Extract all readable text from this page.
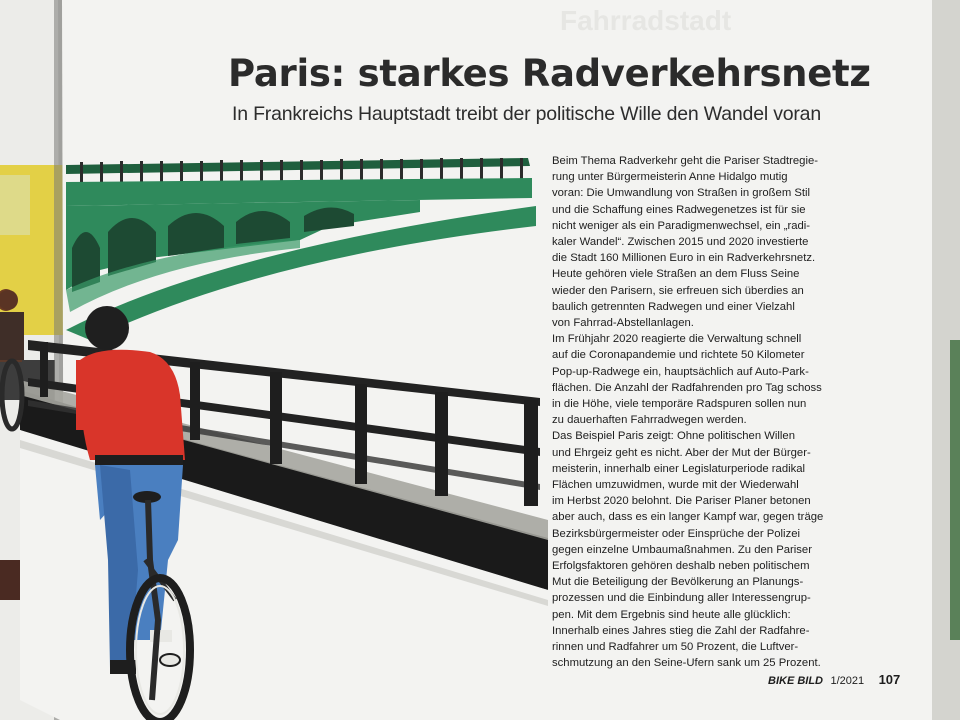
Fahrradstadt
Paris: starkes Radverkehrsnetz
In Frankreichs Hauptstadt treibt der politische Wille den Wandel voran
Beim Thema Radverkehr geht die Pariser Stadtregie-
rung unter Bürgermeisterin Anne Hidalgo mutig
voran: Die Umwandlung von Straßen in großem Stil
und die Schaffung eines Radwegenetzes ist für sie
nicht weniger als ein Paradigmenwechsel, ein „radi-
kaler Wandel“. Zwischen 2015 und 2020 investierte
die Stadt 160 Millionen Euro in ein Radverkehrsnetz.
Heute gehören viele Straßen an dem Fluss Seine
wieder den Parisern, sie erfreuen sich überdies an
baulich getrennten Radwegen und einer Vielzahl
von Fahrrad-Abstellanlagen.
Im Frühjahr 2020 reagierte die Verwaltung schnell
auf die Coronapandemie und richtete 50 Kilometer
Pop-up-Radwege ein, hauptsächlich auf Auto-Park-
flächen. Die Anzahl der Radfahrenden pro Tag schoss
in die Höhe, viele temporäre Radspuren sollen nun
zu dauerhaften Fahrradwegen werden.
Das Beispiel Paris zeigt: Ohne politischen Willen
und Ehrgeiz geht es nicht. Aber der Mut der Bürger-
meisterin, innerhalb einer Legislaturperiode radikal
Flächen umzuwidmen, wurde mit der Wiederwahl
im Herbst 2020 belohnt. Die Pariser Planer betonen
aber auch, dass es ein langer Kampf war, gegen träge
Bezirksbürgermeister oder Einsprüche der Polizei
gegen einzelne Umbaumaßnahmen. Zu den Pariser
Erfolgsfaktoren gehören deshalb neben politischem
Mut die Beteiligung der Bevölkerung an Planungs-
prozessen und die Einbindung aller Interessengrup-
pen. Mit dem Ergebnis sind heute alle glücklich:
Innerhalb eines Jahres stieg die Zahl der Radfahre-
rinnen und Radfahrer um 50 Prozent, die Luftver-
schmutzung an den Seine-Ufern sank um 25 Prozent.
BIKE BILD 1/2021 107
